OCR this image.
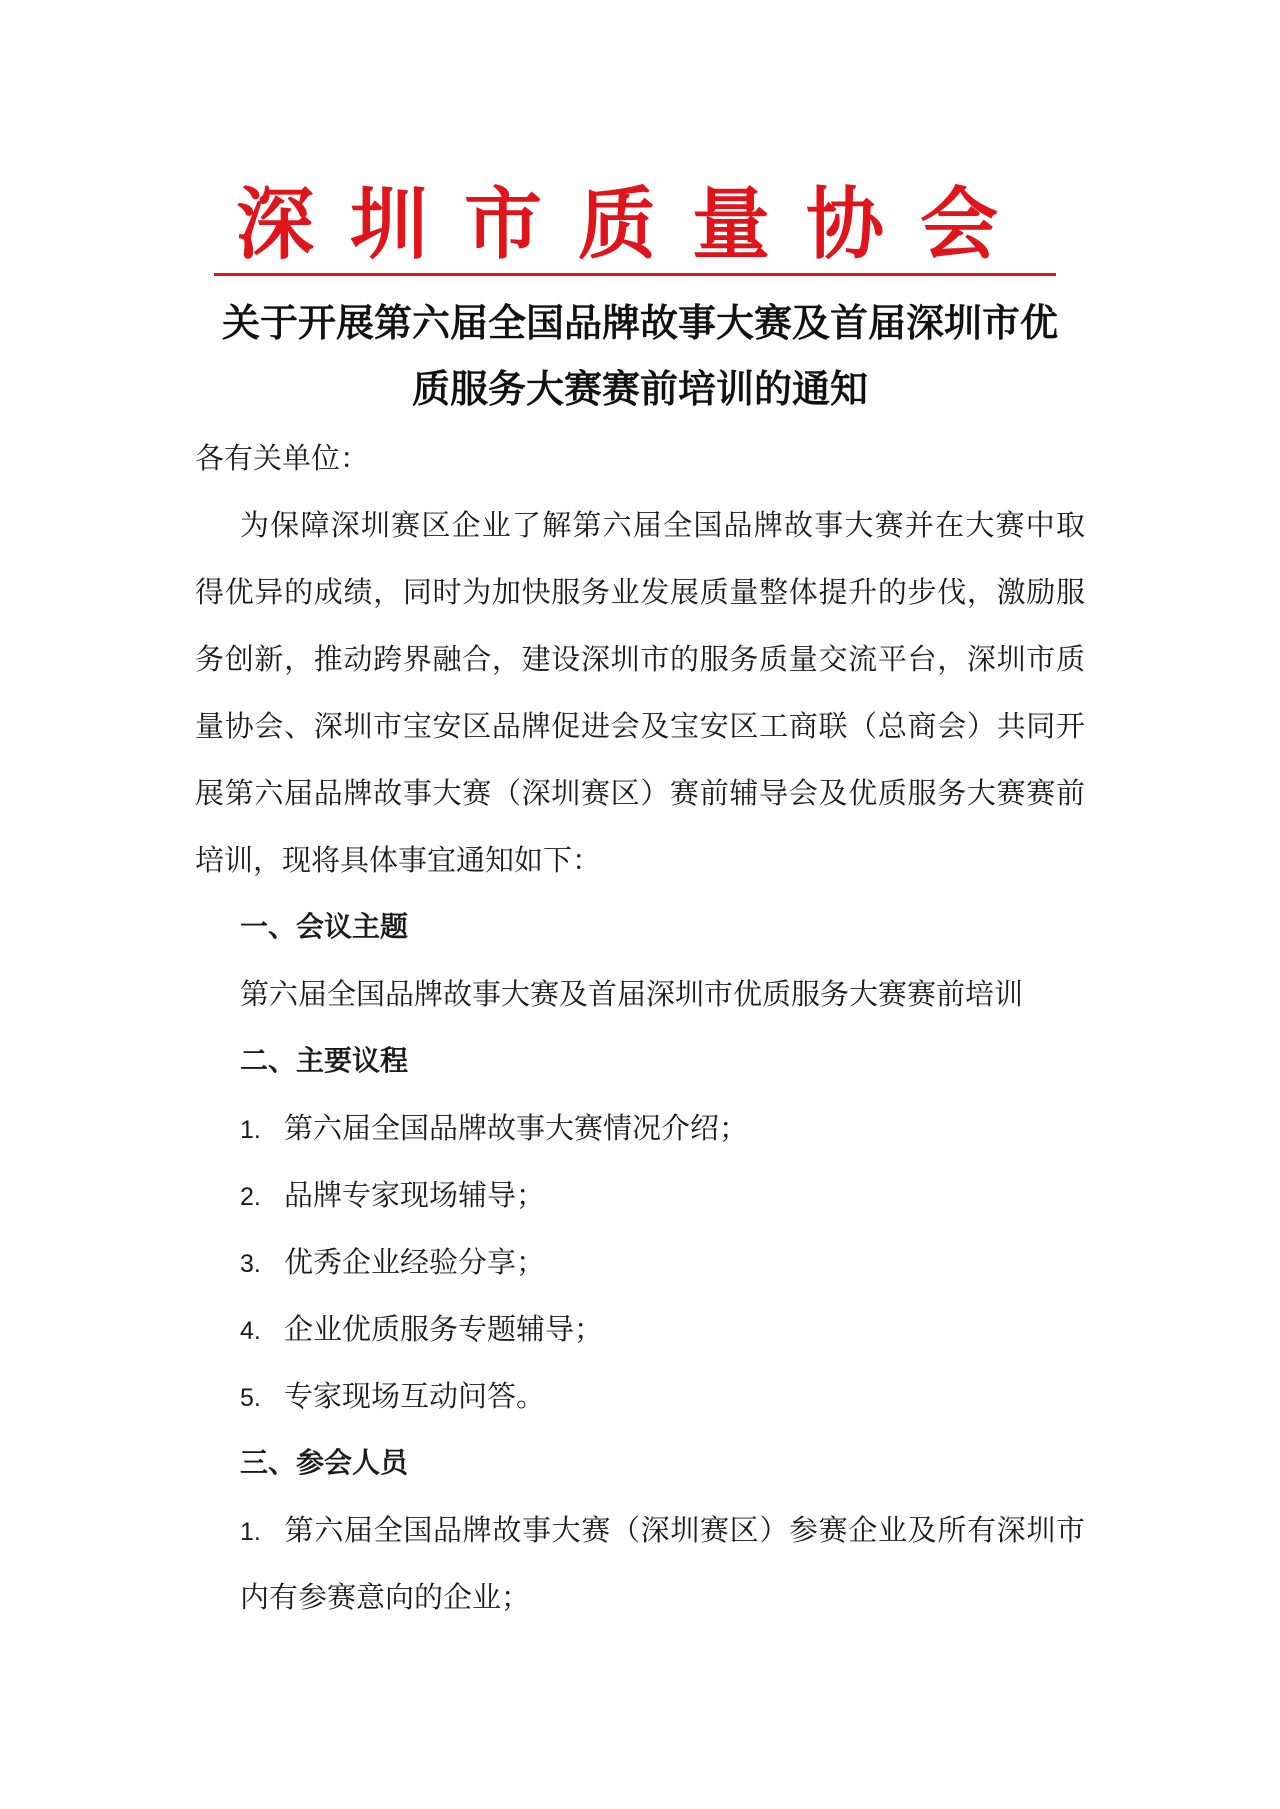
深圳市质量协会
关于开展第六届全国品牌故事大赛及首届深圳市优
质服务大赛赛前培训的通知
各有关单位：
为保障深圳赛区企业了解第六届全国品牌故事大赛并在大赛中取
得优异的成绩，同时为加快服务业发展质量整体提升的步伐，激励服
务创新，推动跨界融合，建设深圳市的服务质量交流平台，深圳市质
量协会、深圳市宝安区品牌促进会及宝安区工商联（总商会）共同开
展第六届品牌故事大赛（深圳赛区）赛前辅导会及优质服务大赛赛前
培训，现将具体事宜通知如下：
一、会议主题
第六届全国品牌故事大赛及首届深圳市优质服务大赛赛前培训
二、主要议程
1. 第六届全国品牌故事大赛情况介绍；
2. 品牌专家现场辅导；
3. 优秀企业经验分享；
4. 企业优质服务专题辅导；
5. 专家现场互动问答。
三、参会人员
1. 第六届全国品牌故事大赛（深圳赛区）参赛企业及所有深圳市
内有参赛意向的企业；
